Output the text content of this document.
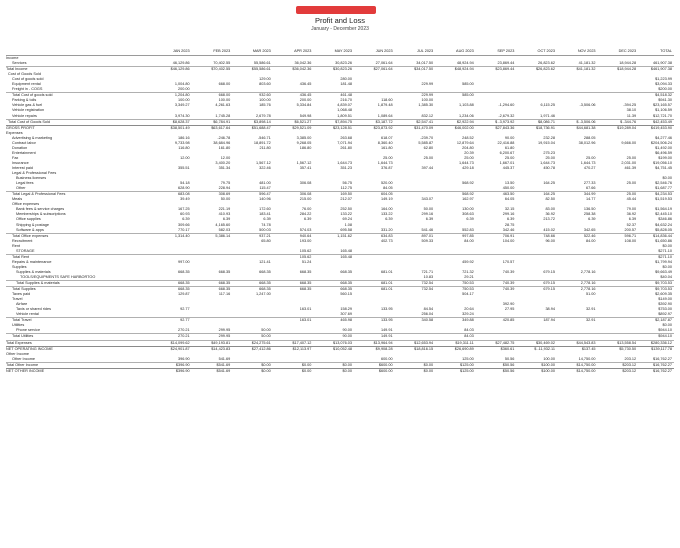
Profit and Loss
January - December 2023
	JAN 2023	FEB 2023	MAR 2023	APR 2023	MAY 2023	JUN 2023	JUL 2023	AUG 2023	SEP 2023	OCT 2023	NOV 2023	DEC 2023	TOTAL
Income													
Services	46,129.86	70,402.55	55,586.61	36,042.36	30,823.26	27,061.64	34,017.50	48,924.94	23,869.44	26,823.62	41,181.32	18,944.28	461,907.38
Total Income	$46,129.86	$70,402.55	$55,586.61	$36,042.36	$30,823.26	$27,061.64	$34,017.50	$48,924.94	$23,869.44	$26,823.62	$41,181.32	$18,944.28	$461,907.38
Cost of Goods Sold													
Cost of goods sold			129.00		280.00								$1,223.99
Equipment rental	1,004.80	668.00	803.60	436.45	181.48		229.99	585.00					$3,094.33
Freight in - COGS	200.00												$200.00
Total Cost of goods sold	1,204.80	668.00	932.60	436.45	461.48		229.99	585.00					$4,518.32
Parking & tolls	100.00	100.00	100.00	200.00	216.70	118.60	100.00						$941.30
Vehicle gas & fuel	3,349.27	4,261.63	185.76	5,334.84	4,839.07	1,879.48	1,385.30	1,103.88	-1,294.60	6,115.25	-3,506.06	-394.25	$23,165.57
Vehicle registration					1,068.48							38.10	$1,106.59
Vehicle repairs	3,974.30	1,745.28	2,679.78	549.98	1,809.51	1,089.64	832.12	1,234.06	-2,679.32	1,971.46		11.39	$12,721.70
Total Cost of Goods Sold	$8,628.37	$6,784.91	$3,898.14	$6,521.27	$7,894.75	$3,187.72	$2,547.41	$2,922.94	$ -3,973.92	$8,086.71	$ -3,506.06	$ -344.76	$42,453.49
GROSS PROFIT	$38,501.49	$63,617.64	$51,688.47	$29,521.09	$23,128.51	$23,873.92	$31,470.09	$46,002.00	$27,843.36	$18,736.91	$44,681.38	$19,289.04	$419,453.90
Expenses													
Advertising & marketing	186.16	-246.78	-546.71	3,385.00	263.68	618.07	-239.70	248.52	90.00	232.28	288.05		$4,277.46
Contract labor	9,733.98	38,684.96	18,891.72	9,268.05	7,071.94	8,360.40	5,585.87	12,879.64	22,416.88	19,915.04	38,012.96	9,666.00	$204,506.24
Donation	116.80	161.80	211.80	186.80	261.80	161.80	62.80	204.80	61.80				$1,492.00
Entertainment								20.39	6,200.67	275.23			$6,496.59
Fax	12.00	12.00				25.00	25.00	25.00	25.00	25.00	25.00	25.00	$199.00
Insurance		3,400.20	1,567.12	1,567.12	1,644.73	1,644.73		1,644.73	1,667.01	1,644.73	1,644.73	2,031.00	$19,056.10
Interest paid	355.51	351.34	322.46	357.41	351.23	376.87	397.44	429.18	445.37	450.78	470.27	461.39	$4,751.45
Legal & Professional Fees													
Business licenses													$0.00
Legal fees	54.18	79.75	481.00	306.08	56.75	520.00		568.92	13.50	164.25	277.33	25.00	$2,546.76
Other	628.90	228.94	115.47		112.75	84.05			450.00		67.66		$1,687.77
Total Legal & Professional Fees	683.08	308.69	596.47	306.08	169.50	604.05		568.92	463.50	164.25	344.99	25.00	$4,234.53
Meals	39.49	50.00	140.96	215.00	212.07	149.19	343.07	162.97	64.05	82.50	14.77	45.44	$1,519.53
Office expenses													
Bank fees & service charges	167.25	221.19	172.60	76.00	252.50	164.00	50.00	130.00	32.15	83.00	136.50	79.00	$1,564.19
Memberships & subscriptions	60.93	410.93	183.41	284.22	133.22	133.22	299.16	308.63	299.16	36.92	258.38	36.92	$2,445.10
Office supplies	6.39	6.39	6.39	6.39	69.24	6.39	6.39	6.39	6.39	213.72	6.39	6.39	$346.86
Shipping & postage	309.66	4,165.60	74.78		1.08				28.75			52.37	$4,632.24
Software & apps	770.17	582.03	500.03	574.03	695.58	331.20	541.46	552.83	342.46	415.02	342.65	200.57	$5,828.05
Total Office expenses	1,314.40	5,386.14	937.21	940.64	1,151.62	634.83	897.01	997.85	706.91	748.66	522.46	596.71	$14,836.44
Recruitment			65.80	193.00		402.73	509.33	84.00	104.00	96.00	84.00	108.00	$1,650.86
Rent													$0.00
STORAGE				105.62	165.48								$271.10
Total Rent				105.62	165.48								$271.10
Repairs & maintenance	997.00		121.41	51.24				459.92	170.57				$1,799.94
Supplies													$0.00
Supplies & materials	668.35	668.35	668.35	668.35	668.35	681.01	721.71	721.32	740.39	679.15	2,778.16		$9,663.49
TOOLS/EQUIPMENTS SAFE HARBORTOO							10.83	29.21					$40.04
Total Supplies & materials	668.35	668.35	668.35	668.35	668.35	681.01	732.54	750.53	740.39	679.15	2,778.16		$9,703.53
Total Supplies	668.35	668.35	668.35	668.35	668.35	681.01	732.54	750.53	740.39	679.15	2,778.16		$9,703.53
Taxes paid	129.87	117.16	1,247.00		560.15			504.17			51.00		$2,609.35
Travel													$149.00
Airfare									392.90				$392.90
Taxis or shared rides	92.77			163.01	158.29	133.95	84.54	20.64	27.95	38.94	32.91		$753.00
Vehicle rental					307.69		256.04	329.24					$892.97
Total Travel	92.77			163.01	465.98	133.95	340.58	349.88	420.85	187.94	32.91		$2,187.87
Utilities													$0.00
Phone service	270.21	299.95	50.00		90.00	149.91		84.03					$944.10
Total Utilities	270.21	299.95	50.00		90.00	149.91		84.03					$944.10
Total Expenses	$14,099.62	$49,193.81	$24,275.61	$17,407.12	$13,076.03	$13,964.94	$12,653.94	$19,311.11	$27,482.75	$30,469.02	$44,543.83	$13,558.54	$280,336.12
NET OPERATING INCOME	$24,901.87	$14,423.83	$27,412.86	$12,113.97	$10,052.48	$9,908.28	$18,816.15	$26,690.89	$360.61	$ -11,932.11	$137.45	$5,730.50	$139,117.78
Other Income													
Other Income	396.90	541.69				600.00		125.00	50.56	100.00	14,750.00	203.12	$16,762.27
Total Other Income	$396.90	$541.69	$0.00	$0.00	$0.00	$600.00	$0.00	$125.00	$50.56	$100.00	$14,750.00	$203.12	$16,762.27
NET OTHER INCOME	$396.90	$541.69	$0.00	$0.00	$0.00	$600.00	$0.00	$125.00	$50.56	$100.00	$14,750.00	$203.12	$16,762.27
